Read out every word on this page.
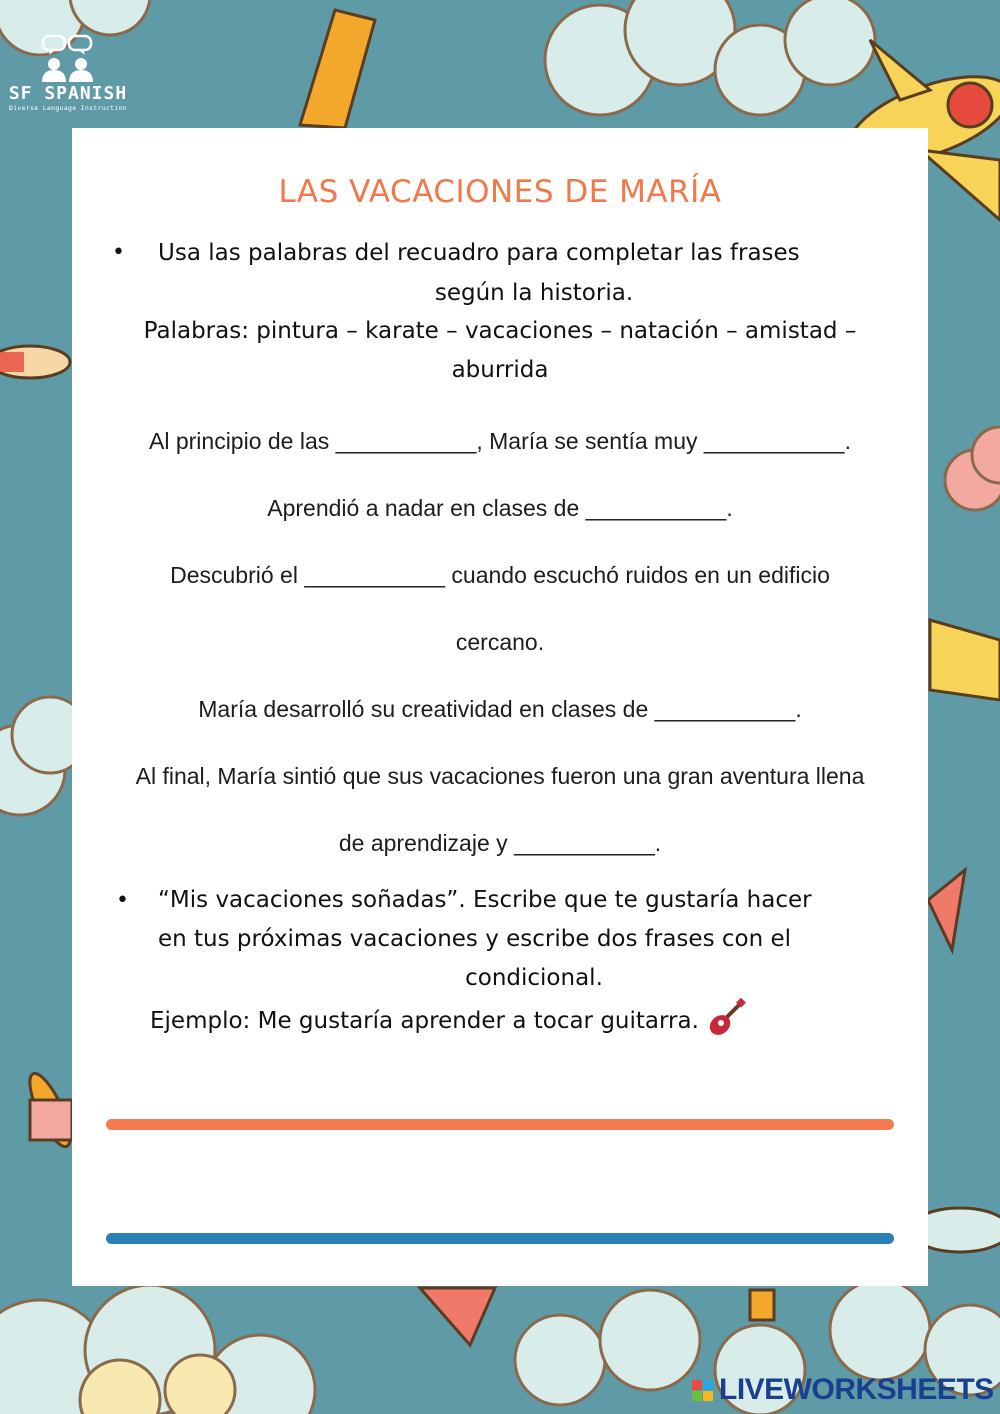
SF SPANISH
Diverse Language Instruction
LAS VACACIONES DE MARÍA
• Usa las palabras del recuadro para completar las frases
según la historia.
Palabras: pintura – karate – vacaciones – natación – amistad –
aburrida
Al principio de las ___________, María se sentía muy ___________.
Aprendió a nadar en clases de ___________.
Descubrió el ___________ cuando escuchó ruidos en un edificio
cercano.
María desarrolló su creatividad en clases de ___________.
Al final, María sintió que sus vacaciones fueron una gran aventura llena
de aprendizaje y ___________.
• “Mis vacaciones soñadas”. Escribe que te gustaría hacer
en tus próximas vacaciones y escribe dos frases con el
condicional.
Ejemplo: Me gustaría aprender a tocar guitarra.
LIVEWORKSHEETS
